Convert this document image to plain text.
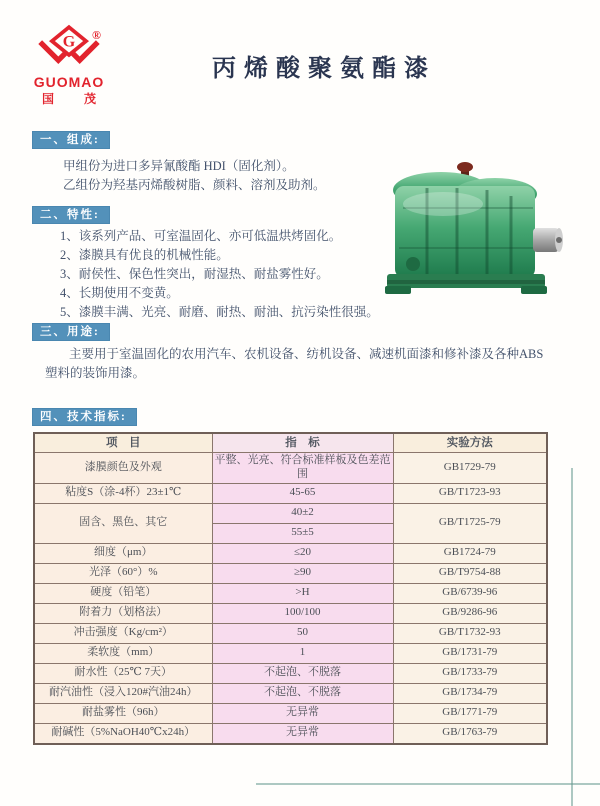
G
GUOMAO
国　茂
®
丙烯酸聚氨酯漆
一、组成:
甲组份为进口多异氰酸酯 HDI（固化剂）。
乙组份为羟基丙烯酸树脂、颜料、溶剂及助剂。
二、特性:
1、该系列产品、可室温固化、亦可低温烘烤固化。
2、漆膜具有优良的机械性能。
3、耐侯性、保色性突出，耐湿热、耐盐雾性好。
4、长期使用不变黄。
5、漆膜丰满、光亮、耐磨、耐热、耐油、抗污染性很强。
三、用途:
主要用于室温固化的农用汽车、农机设备、纺机设备、减速机面漆和修补漆及各种ABS
塑料的装饰用漆。
四、技术指标:
项　目	指　标	实验方法
漆膜颜色及外观	平整、光亮、符合标准样板及色差范围	GB1729-79
粘度S（涂-4杯）23±1℃	45-65	GB/T1723-93
固含、黑色、其它	40±2	GB/T1725-79
	55±5	
细度（μm）	≤20	GB1724-79
光泽（60°）%	≥90	GB/T9754-88
硬度（铅笔）	>H	GB/6739-96
附着力（划格法）	100/100	GB/9286-96
冲击强度（Kg/cm²）	50	GB/T1732-93
柔软度（mm）	1	GB/1731-79
耐水性（25℃ 7天）	不起泡、不脱落	GB/1733-79
耐汽油性（浸入120#汽油24h）	不起泡、不脱落	GB/1734-79
耐盐雾性（96h）	无异常	GB/1771-79
耐碱性（5%NaOH40℃x24h）	无异常	GB/1763-79
